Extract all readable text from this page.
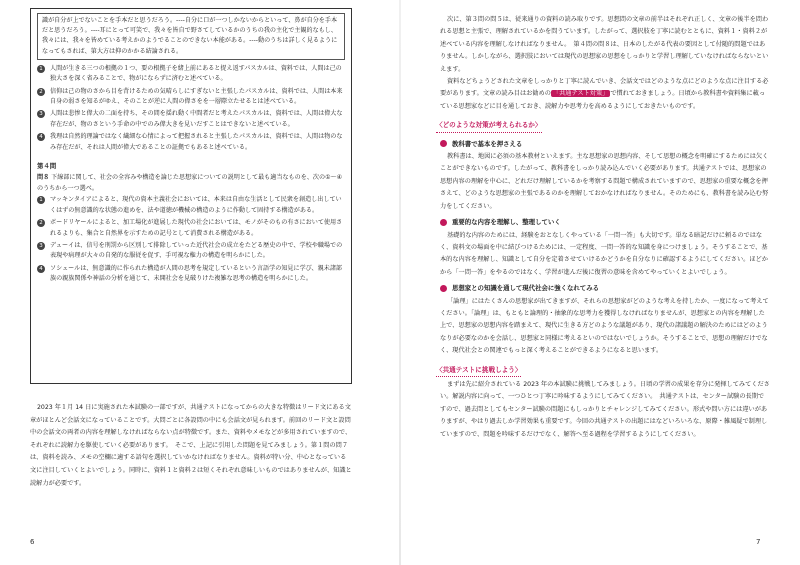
識が自分が上でないことを手本だと思うだろう。----自分に口が一つしかないからといって、鼻が自分を手本だと思うだろう。----耳にとって可笑で、我々を皆自で野さてしているかのうちの我の主化で主観的なもし、我々には、我々を皆めている考えかのようでることのできない本能がある。----動のうちは詳しく見るようになってもされば、第大方は抑のかかる結論される。
1	人間が生きる三つの根拠の１つ、要の根拠子を緒上前にあると捉え返すパスカルは、資料では、人間は己の独大さを深く省みることで、物がにならずに済むと述べている。
2	信仰は己の物のさから目を背けるための気晴らしにすぎないと主張したパスカルは、資料では、人間は本来自身の弱さを知るがゆえ、そのことが逆に人間の偉さをを一層際立たせるとは述べている。
3	人間は悲惨と偉大の二面を持ち、その間を揺れ動く中間者だと考えたパスカルは、資料では、人間は偉大な存在だが、物のさという手命の中でのみ偉大きを見いだすことはできないと述べている。
4	我理は自然的理論ではなく繊細な心情によって把握されると主張したパスカルは、資料では、人間は物のなみ存在だが、それは人間が偉大であることの証拠でもあると述べている。
第４問
問８ 下線部に関して、社会の全容みや構造を論じた思想家についての説明として最も適当なものを、次の①〜④のうちから一つ選べ。
1	マッキンタイアによると、現代の資本主義社会においては、本来は自由な生活として民衆を創造し出していくはずの無意識的な状態の進めを、法や道徳が機械の構造のように作動して固持する構造がある。
2	ボードリヤールによると、加工場化が進展した現代の社会においては、モノがそのもの有さにおいて使用されるよりも、集合と自然界を示すための記号として消費される構造がある。
3	デューイは、信号を刑罰から区別して排除していった近代社会の成立をたどる歴史の中で、学校や職場での表現や病理が大々の自発的な服従を促す、手可視な権力の構造を明らかにした。
4	ソシュールは、無意識的に作られた構造が人間の思考を規定しているという言語学の知見に学び、親未諸部族の親族関係や神話の分析を通じて、未開社会を見破りけた複雑な思考の構造を明らかにした。
2023 年１月 14 日に実施された本試験の一部ですが、共通テストになってからの大きな特徴はリード文にある文章がほとんど会話文になっていることです。大問ごとに各設問の中にも会話文が見られます。前回のリード文と設問中の会話文の両者の内容を理解しなければならない点が特徴です。また、資料やメモなどが多用されていますので、それぞれに読解力を駆使していく必要があります。　そこで、上記に引用した問題を見てみましょう。第１問の問７は、資料を読み、メモの空欄に適する語句を選択していかなければなりません。資料が特い分、中心となっている文に注目していくとよいでしょう。同時に、資料１と資料２は短くそれぞれ意味しいものではありませんが、知識と読解力が必要です。
6	7

次に、第３問の問５は、従来通りの資料の読み取りです。思想問の文章の前半はそれぞれ正しく、文章の後半を問われる思想と主張で、理解されているかを問うています。したがって、選択肢を丁寧に読むとともに、資料１・資料２が述べている内容を理解しなければなりません。　第４問の問８は、日本のしたがる代表の要因として付随的問題ではありません。しかしながら、選択肢においては現代の思想家の思想をしっかりと学習し理解していなければならないといえます。

資料などちょうどされた文章をしっかりと丁寧に読んでいき、会話文ではどのような点にどのような点に注目する必要があります。文章の読み目はお勧めの 「共通テスト対策」 で慣れておきましょう。日頃から教科書や資料集に載っている思想家などに目を通しておき、読解力や思考力を高めるようにしておきたいものです。

〈どのような対策が考えられるか〉
教科書で基本を押さえる

教科書は、地図に必須の基本教材といえます。主な思想家の思想内容、そして思想の概念を明確にするためには欠くことができないものです。したがって、教科書をしっかり読み込んでいく必要があります。共通テストでは、思想家の思想内容の理解を中心に、どれだけ理解しているかを考察する問題で構成されていますので、思想家の重要な概念を押さえて、どのような思想家の主張であるのかを理解しておかなければなりません。そのためにも、教科書を読み込む努力をしてください。

重要的な内容を理解し、整理していく

基礎的な内容のためには、経験をおとなしくやっている「一問一答」も大切です。単なる暗記だけに頼るのではなく、資料文の場面を中に結びつけるためには、一定程度、一問一答的な知識を身につけましょう。そうすることで、基本的な内容を理解し、知識として自分を定着させていけるかどうかを自分なりに確認するようにしてください。ほどかから「一問一答」をやるのではなく、学習が進んだ後に復習の意味を含めてやっていくとよいでしょう。

思想家との知識を通して現代社会に強くなれてみる

「論理」にはたくさんの思想家が出てきますが、それらの思想家がどのような考えを持したか、一度になって考えてください。「論理」は、もともと論理的・抽象的な思考力を獲得しなければなりませんが、思想家との内容を理解した上で、思想家の思想内容を踏まえて、現代に生きる方どのような議題があり、現代の諸議題の解決のためにはどのようなりが必要なのかを会話し、思想家と同様に考えるといのではないでしょうか。そうすることで、思想の理解だけでなく、現代社会との関連でもっと深く考えることができるようになると思います。

〈共通テストに挑戦しよう〉

まずは先に紹介されている 2023 年の本試験に挑戦してみましょう。日頃の学習の成果を存分に発揮してみてください。解説内容に向って、一つひとつ丁寧に吟味するようにしてみてください。　共通テストは、センター試験の長期ですので、過去問としてもセンター試験の問題にもしっかりとチャレンジしてみてください。形式や問い方には違いがありますが、やはり過去しか学習効果も重要です。今回の共通テストの出題にはなどいろいろな、原際・雑風疑で制理していますので、問題を吟味するだけでなく、解答へ至る過程を学習するようにしてください。
